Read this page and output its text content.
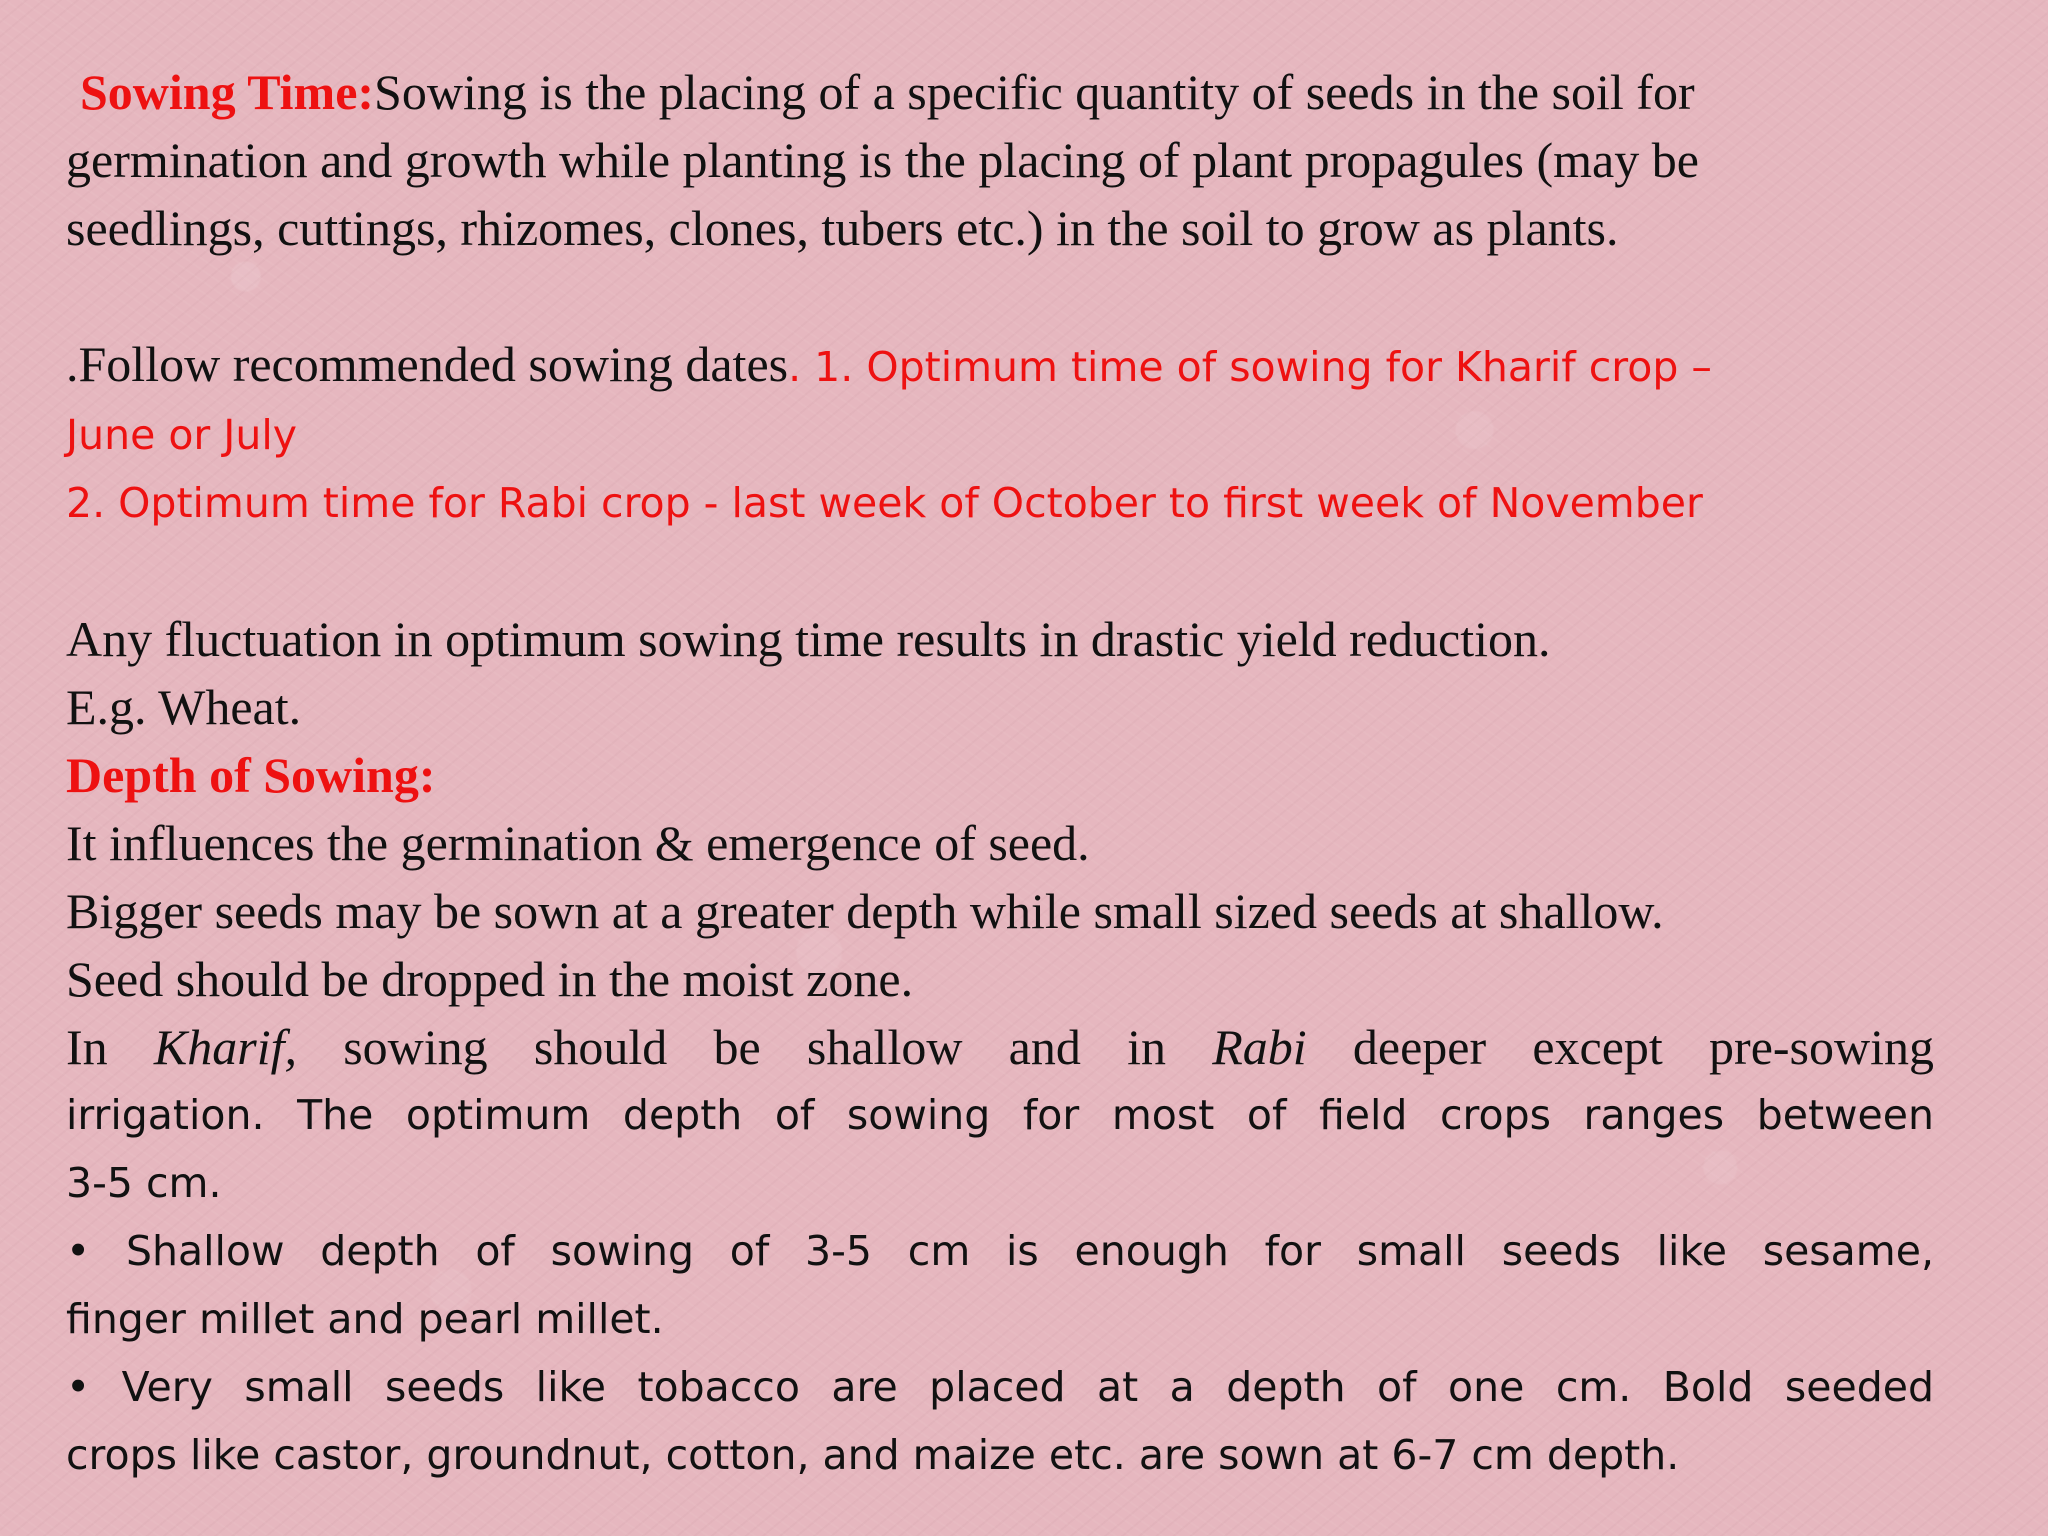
Sowing Time:Sowing is the placing of a specific quantity of seeds in the soil for
germination and growth while planting is the placing of plant propagules (may be
seedlings, cuttings, rhizomes, clones, tubers etc.) in the soil to grow as plants.
.Follow recommended sowing dates. 1. Optimum time of sowing for Kharif crop –
June or July
2. Optimum time for Rabi crop - last week of October to first week of November
Any fluctuation in optimum sowing time results in drastic yield reduction.
E.g. Wheat.
Depth of Sowing:
It influences the germination & emergence of seed.
Bigger seeds may be sown at a greater depth while small sized seeds at shallow.
Seed should be dropped in the moist zone.
In Kharif, sowing should be shallow and in Rabi deeper except pre-sowing
irrigation. The optimum depth of sowing for most of field crops ranges between
3-5 cm.
• Shallow depth of sowing of 3-5 cm is enough for small seeds like sesame,
finger millet and pearl millet.
• Very small seeds like tobacco are placed at a depth of one cm. Bold seeded
crops like castor, groundnut, cotton, and maize etc. are sown at 6-7 cm depth.
